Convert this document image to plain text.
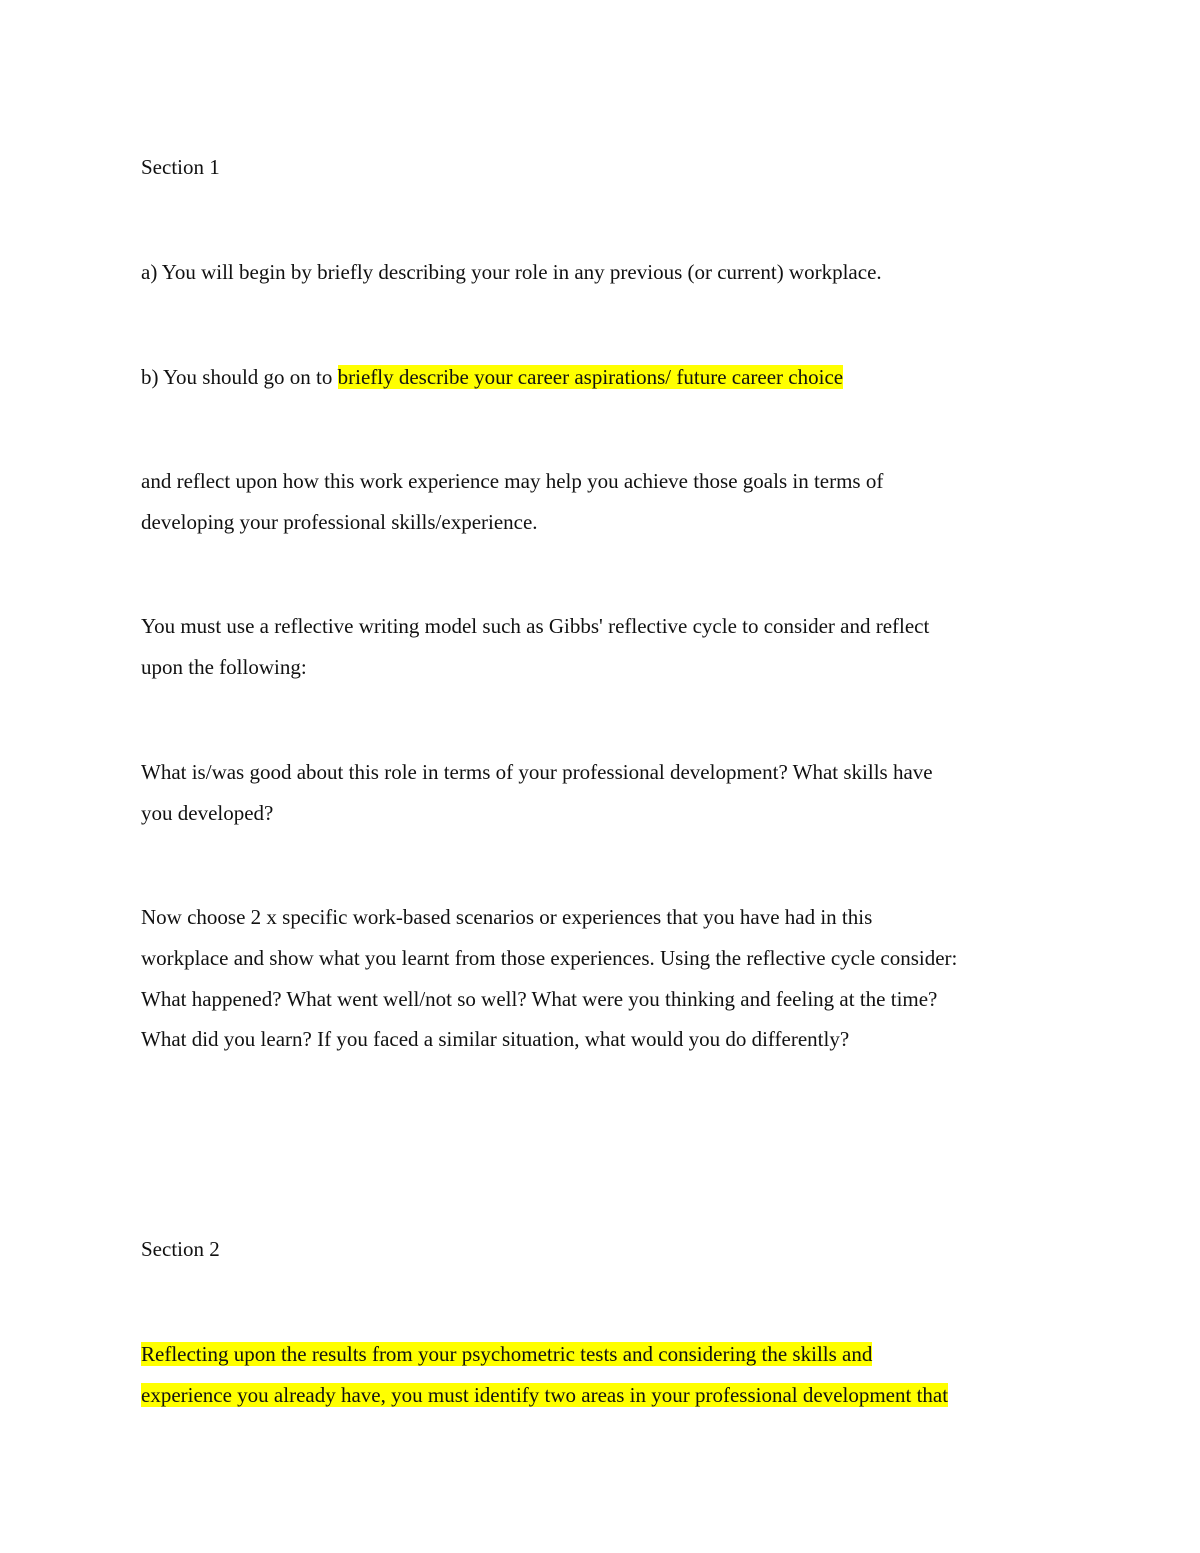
Section 1
a) You will begin by briefly describing your role in any previous (or current) workplace.
b) You should go on to briefly describe your career aspirations/ future career choice
and reflect upon how this work experience may help you achieve those goals in terms of
developing your professional skills/experience.
You must use a reflective writing model such as Gibbs' reflective cycle to consider and reflect
upon the following:
What is/was good about this role in terms of your professional development? What skills have
you developed?
Now choose 2 x specific work-based scenarios or experiences that you have had in this
workplace and show what you learnt from those experiences. Using the reflective cycle consider:
What happened? What went well/not so well? What were you thinking and feeling at the time?
What did you learn? If you faced a similar situation, what would you do differently?
Section 2
Reflecting upon the results from your psychometric tests and considering the skills and
experience you already have, you must identify two areas in your professional development that
